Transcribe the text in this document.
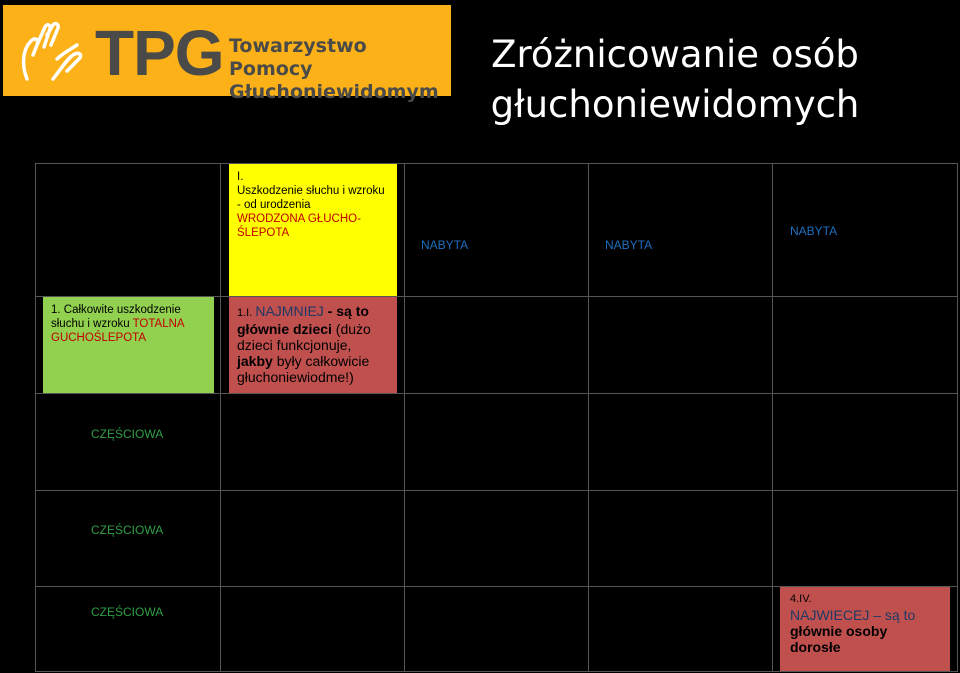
TPG Towarzystwo Pomocy
Głuchoniewidomym
Zróżnicowanie osób
głuchoniewidomych
I.
Uszkodzenie słuchu i wzroku
- od urodzenia
WRODZONA GŁUCHO-
ŚLEPOTA
NABYTA	NABYTA
NABYTA
1. Całkowite uszkodzenie
słuchu i wzroku TOTALNA
GUCHOŚLEPOTA
1.I. NAJMNIEJ - są to
głównie dzieci (dużo
dzieci funkcjonuje,
jakby były całkowicie
głuchoniewiodme!)
CZĘŚCIOWA
CZĘŚCIOWA
CZĘŚCIOWA
4.IV.
NAJWIECEJ – są to
głównie osoby
dorosłe
